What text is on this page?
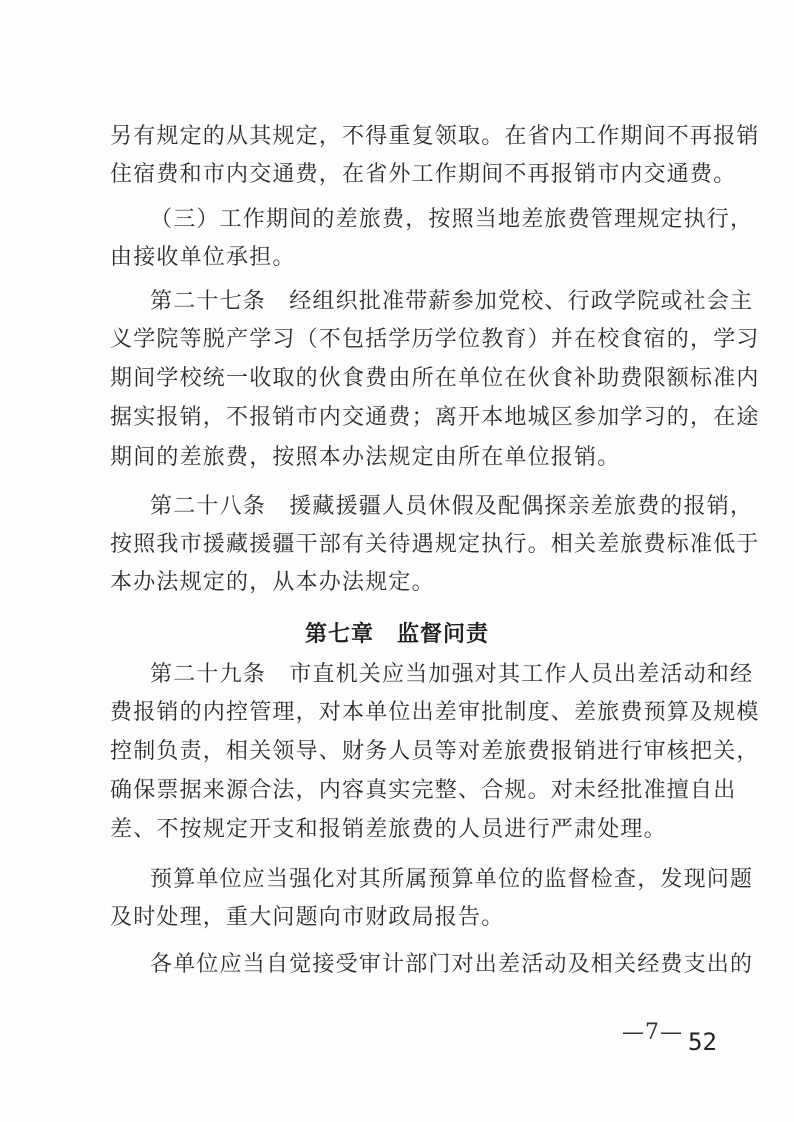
另有规定的从其规定，不得重复领取。在省内工作期间不再报销
住宿费和市内交通费，在省外工作期间不再报销市内交通费。
（三）工作期间的差旅费，按照当地差旅费管理规定执行，
由接收单位承担。
第二十七条　经组织批准带薪参加党校、行政学院或社会主
义学院等脱产学习（不包括学历学位教育）并在校食宿的，学习
期间学校统一收取的伙食费由所在单位在伙食补助费限额标准内
据实报销，不报销市内交通费；离开本地城区参加学习的，在途
期间的差旅费，按照本办法规定由所在单位报销。
第二十八条　援藏援疆人员休假及配偶探亲差旅费的报销，
按照我市援藏援疆干部有关待遇规定执行。相关差旅费标准低于
本办法规定的，从本办法规定。
第七章　监督问责
第二十九条　市直机关应当加强对其工作人员出差活动和经
费报销的内控管理，对本单位出差审批制度、差旅费预算及规模
控制负责，相关领导、财务人员等对差旅费报销进行审核把关，
确保票据来源合法，内容真实完整、合规。对未经批准擅自出
差、不按规定开支和报销差旅费的人员进行严肃处理。
预算单位应当强化对其所属预算单位的监督检查，发现问题
及时处理，重大问题向市财政局报告。
各单位应当自觉接受审计部门对出差活动及相关经费支出的
—7— 52
